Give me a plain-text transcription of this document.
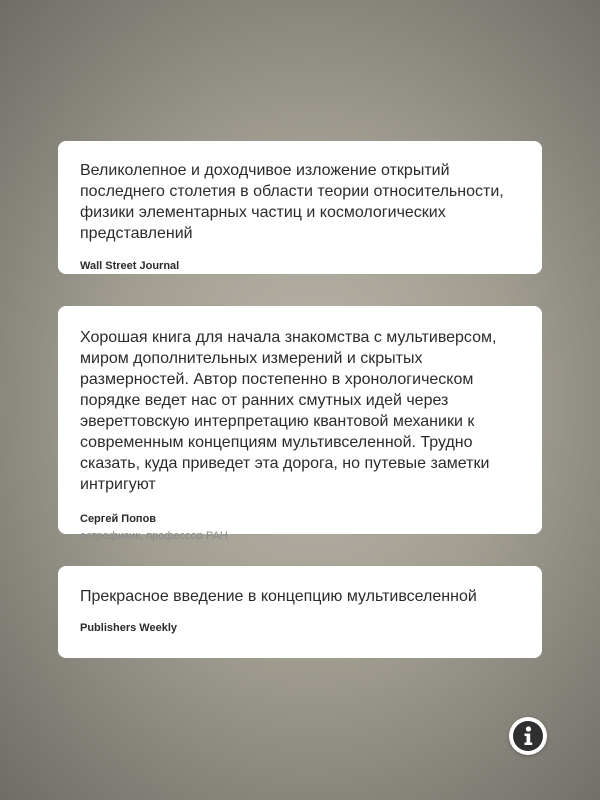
Великолепное и доходчивое изложение открытий последнего столетия в области теории относительности, физики элементарных частиц и космологических представлений

Wall Street Journal

Хорошая книга для начала знакомства с мультиверсом, миром дополнительных измерений и скрытых размерностей. Автор постепенно в хронологическом порядке ведет нас от ранних смутных идей через эвереттовскую интерпретацию квантовой механики к современным концепциям мультивселенной. Трудно сказать, куда приведет эта дорога, но путевые заметки интригуют

Сергей Попов
астрофизик, профессор РАН

Прекрасное введение в концепцию мультивселенной

Publishers Weekly
